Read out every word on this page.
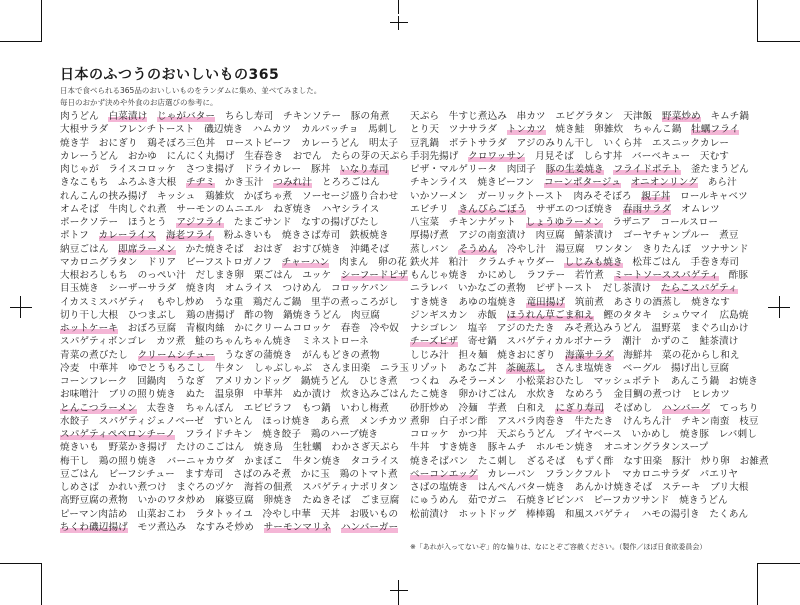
日本のふつうのおいしいもの365
日本で食べられる365品のおいしいものをランダムに集め、並べてみました。
毎日のおかず決めや外食のお店選びの参考に。
肉うどん　 白菜漬け　 じゃがバター　 ちらし寿司　 チキンソテー　 豚の角煮
大根サラダ　 フレンチトースト　 磯辺焼き　 ハムカツ　 カルパッチョ　 馬刺し
焼き芋　 おにぎり　 鶏そぼろ三色丼　 ローストビーフ　 カレーうどん　 明太子
カレーうどん　 おかゆ　 にんにく丸揚げ　 生春巻き　 おでん　 たらの芽の天ぷら
肉じゃが　 ライスコロッケ　 さつま揚げ　 ドライカレー　 豚丼　 いなり寿司
きなこもち　 ふろふき大根　 チヂミ　 かき玉汁　 つみれ汁　 とろろごはん
れんこんの挟み揚げ　 キッシュ　 鶏雑炊　 かぼちゃ煮　 ソーセージ盛り合わせ
オムそば　 牛肉しぐれ煮　 サーモンのムニエル　 ねぎ焼き　 ハヤシライス
ポークソテー　 ほうとう　 アジフライ　 たまごサンド　 なすの揚げびたし
ポトフ　 カレーライス　 海老フライ　 粉ふきいも　 焼きさば寿司　 鉄板焼き
納豆ごはん　 即席ラーメン　 かた焼きそば　 おはぎ　 おすび焼き　 沖縄そば
マカロニグラタン　 ドリア　 ビーフストロガノフ　 チャーハン　 肉まん　 卵の花
大根おろしもち　 のっぺい汁　 だしまき卵　 栗ごはん　 ユッケ　 シーフードピザ
目玉焼き　 シーザーサラダ　 焼き肉　 オムライス　 つけめん　 コロッケパン
イカスミスパゲティ　 もやし炒め　 うな重　 鶏だんご鍋　 里芋の煮っころがし
切り干し大根　 ひつまぶし　 鶏の唐揚げ　 酢の物　 鍋焼きうどん　 肉豆腐
ホットケーキ　 おぼろ豆腐　 青椒肉絲　 かにクリームコロッケ　 春巻　 冷や奴
スパゲティボンゴレ　 カツ煮　 鮭のちゃんちゃん焼き　 ミネストローネ
青菜の煮びたし　 クリームシチュー　 うなぎの蒲焼き　 がんもどきの煮物
冷麦　 中華丼　 ゆでとうもろこし　 牛タン　 しゃぶしゃぶ　 さんま田楽　 ニラ玉
コーンフレーク　 回鍋肉　 うなぎ　 アメリカンドッグ　 鍋焼うどん　 ひじき煮
お味噌汁　 ブリの照り焼き　 ぬた　 温泉卵　 中華丼　 ぬか漬け　 炊き込みごはん
とんこつラーメン　 太巻き　 ちゃんぽん　 エビピラフ　 もつ鍋　 いわし梅煮
水餃子　 スパゲティジェノベーゼ　 すいとん　 ほっけ焼き　 あら煮　 メンチカツ
スパゲティペペロンチーノ　 フライドチキン　 焼き餃子　 鶏のハーブ焼き
焼きいも　 野菜かき揚げ　 たけのこごはん　 焼き鳥　 生牡蠣　 わかさぎ天ぷら
梅干し　 鶏の照り焼き　 バーニャカウダ　 かまぼこ　 牛タン焼き　 タコライス
豆ごはん　 ビーフシチュー　 ます寿司　 さばのみそ煮　 かに玉　 鶏のトマト煮
しめさば　 かれい煮つけ　 まぐろのヅケ　 海苔の佃煮　 スパゲティナポリタン
高野豆腐の煮物　 いかのワタ炒め　 麻婆豆腐　 卵焼き　 たぬきそば　 ごま豆腐
ピーマン肉詰め　 山菜おこわ　 ラタトゥイユ　 冷やし中華　 天丼　 お吸いもの
ちくわ磯辺揚げ　 モツ煮込み　 なすみそ炒め　 サーモンマリネ　 ハンバーガー
天ぷら　 牛すじ煮込み　 串カツ　 エビグラタン　 天津飯　 野菜炒め　 キムチ鍋
とり天　 ツナサラダ　 トンカツ　 焼き鮭　 卵雑炊　 ちゃんこ鍋　 牡蠣フライ
豆乳鍋　 ポテトサラダ　 アジのみりん干し　 いくら丼　 エスニックカレー
手羽先揚げ　 クロワッサン　 月見そば　 しらす丼　 バーベキュー　 天むす
ピザ・マルゲリータ　 肉団子　 豚の生姜焼き　 フライドポテト　 釜たまうどん
チキンライス　 焼きビーフン　 コーンポタージュ　 オニオンリング　 あら汁
いかソーメン　 ガーリックトースト　 肉みそそぼろ　 親子丼　 ロールキャベツ
エビチリ　 きんぴらごぼう　 サザエのつぼ焼き　 春雨サラダ　 オムレツ
八宝菜　 チキンナゲット　 しょうゆラーメン　 ラザニア　 コールスロー
厚揚げ煮　 アジの南蛮漬け　 肉豆腐　 鯖茶漬け　 ゴーヤチャンプルー　 煮豆
蒸しパン　 そうめん　 冷やし汁　 湯豆腐　 ワンタン　 きりたんぽ　 ツナサンド
鉄火丼　 粕汁　 クラムチャウダー　 しじみも焼き　 松茸ごはん　 手巻き寿司
もんじゃ焼き　 かにめし　 ラフテー　 若竹煮　 ミートソーススパゲティ　 酢豚
ニラレバ　 いかなごの煮物　 ピザトースト　 だし茶漬け　 たらこスパゲティ
すき焼き　 あゆの塩焼き　 竜田揚げ　 筑前煮　 あさりの酒蒸し　 焼きなす
ジンギスカン　 赤飯　 ほうれん草ごま和え　 鰹のタタキ　 シュウマイ　 広島焼
ナシゴレン　 塩辛　 アジのたたき　 みそ煮込みうどん　 温野菜　 まぐろ山かけ
チーズピザ　 寄せ鍋　 スパゲティカルボナーラ　 潮汁　 かずのこ　 鮭茶漬け
しじみ汁　 担々麺　 焼きおにぎり　 海藻サラダ　 海鮮丼　 菜の花からし和え
リゾット　 あなご丼　 茶碗蒸し　 さんま塩焼き　 ベーグル　 揚げ出し豆腐
つくね　 みそラーメン　 小松菜おひたし　 マッシュポテト　 あんこう鍋　 お焼き
たこ焼き　 卵かけごはん　 水炊き　 なめろう　 金目鯛の煮つけ　 ヒレカツ
砂肝炒め　 冷麺　 芋煮　 白和え　 にぎり寿司　 そばめし　 ハンバーグ　 てっちり
煮卵　 白子ポン酢　 アスパラ肉巻き　 牛たたき　 けんちん汁　 チキン南蛮　 枝豆
コロッケ　 かつ丼　 天ぷらうどん　 ブイヤベース　 いかめし　 焼き豚　 レバ刺し
牛丼　 すき焼き　 豚キムチ　 ホルモン焼き　 オニオングラタンスープ
焼きそばパン　 たこ刺し　 ざるそば　 もずく酢　 なす田楽　 豚汁　 炒り卵　 お雑煮
ベーコンエッグ　 カレーパン　 フランクフルト　 マカロニサラダ　 パエリヤ
さばの塩焼き　 はんぺんバター焼き　 あんかけ焼きそば　 ステーキ　 ブリ大根
にゅうめん　 茹でガニ　 石焼きビビンパ　 ビーフカツサンド　 焼きうどん
松前漬け　 ホットドッグ　 棒棒鶏　 和風スパゲティ　 ハモの湯引き　 たくあん
※「あれが入ってないぞ」的な偏りは、なにとぞご容赦ください。（製作／ほぼ日食欲委員会）
